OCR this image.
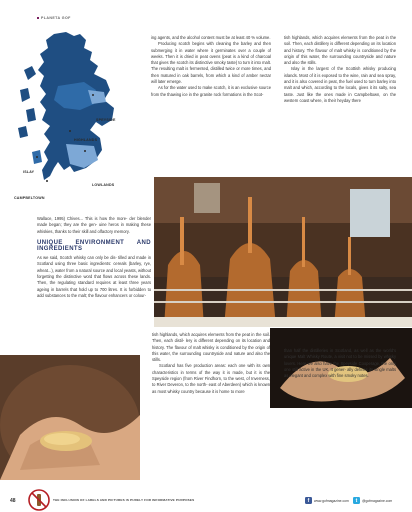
PLANETA GOF
SPEYSIDE
HIGHLANDS
ISLAY
LOWLANDS
CAMPBELTOWN

ing agents, and the alcohol content must be at least 40 % volume.

Producing scotch begins with cleaning the barley and then submerging it in water where it germinates over a couple of weeks. Then it is dried in peat ovens (peat is a kind of charcoal that gives the scotch its distinctive smoky taste) to turn it into malt. The resulting malt is fermented, distilled twice or more times, and then matured in oak barrels, from which a kind of amber nectar will later emerge.

As for the water used to make scotch, it is an exclusive source from the thawing ice in the granite rock formations in the Scot-

tish highlands, which acquires elements from the peat in the soil. Then, each distillery is different depending on its location and history. The flavour of malt whisky is conditioned by the origin of this water, the surrounding countryside and nature and also the stills.

Islay in the largest of the Scottish whisky producing islands. Most of it is exposed to the wine, rain and sea spray, and it is also covered in peat, the fuel used to turn barley into malt and which, according to the locals, gives it its salty, sea taste. Just like the ones made in Campbeltown, on the western coast where, in their heyday there

Wallace, 1995) Chives... This is how the more- der blender made began; they are the gen- uine heros in making these whiskies, thanks to their skill and olfactory memory.

UNIQUE ENVIRONMENT AND INGREDIENTS

As we said, Scotch whisky can only be dis- tilled and made in Scotland using three basic ingredients: cereals (barley, rye, wheat...), water from a natural source and local yeasts, without forgetting the distinctive word that flows across these lands. Then, the regulating standard requires at least three years ageing in barrels that hold up to 700 litres. It is forbidden to add substances to the malt; the flavour enhancers or colour-

tish highlands, which acquires elements from the peat in the soil. Then, each distil- lery is different depending on its location and history. The flavour of malt whisky is conditioned by the origin of this water, the surrounding countryside and nature and also the stills.

Scotland has five production areas: each one with its own characteristics in terms of the way it is made, but it is the Speyside region (from River Findhorn, to the west, of Inverness, to River Deveron, to the north- east of Aberdeen) which is known as most whisky country because it is home to more

than half the distilleries in Scotland, as well as the world's unique Malt Whisky Route, a visit not to be missed by whisky lovers. Here we also have the Speyside Cooperage, the only one still active in the UK. It gener- ally defines its single malts as elegant and complex with fine smoky notes.

48	THE INCLUSION OF LABELS AND PICTURES IS PURELY FOR INFORMATIVE PURPOSES	f	www.gofmagazine.com	t	@gofmagazine.com
